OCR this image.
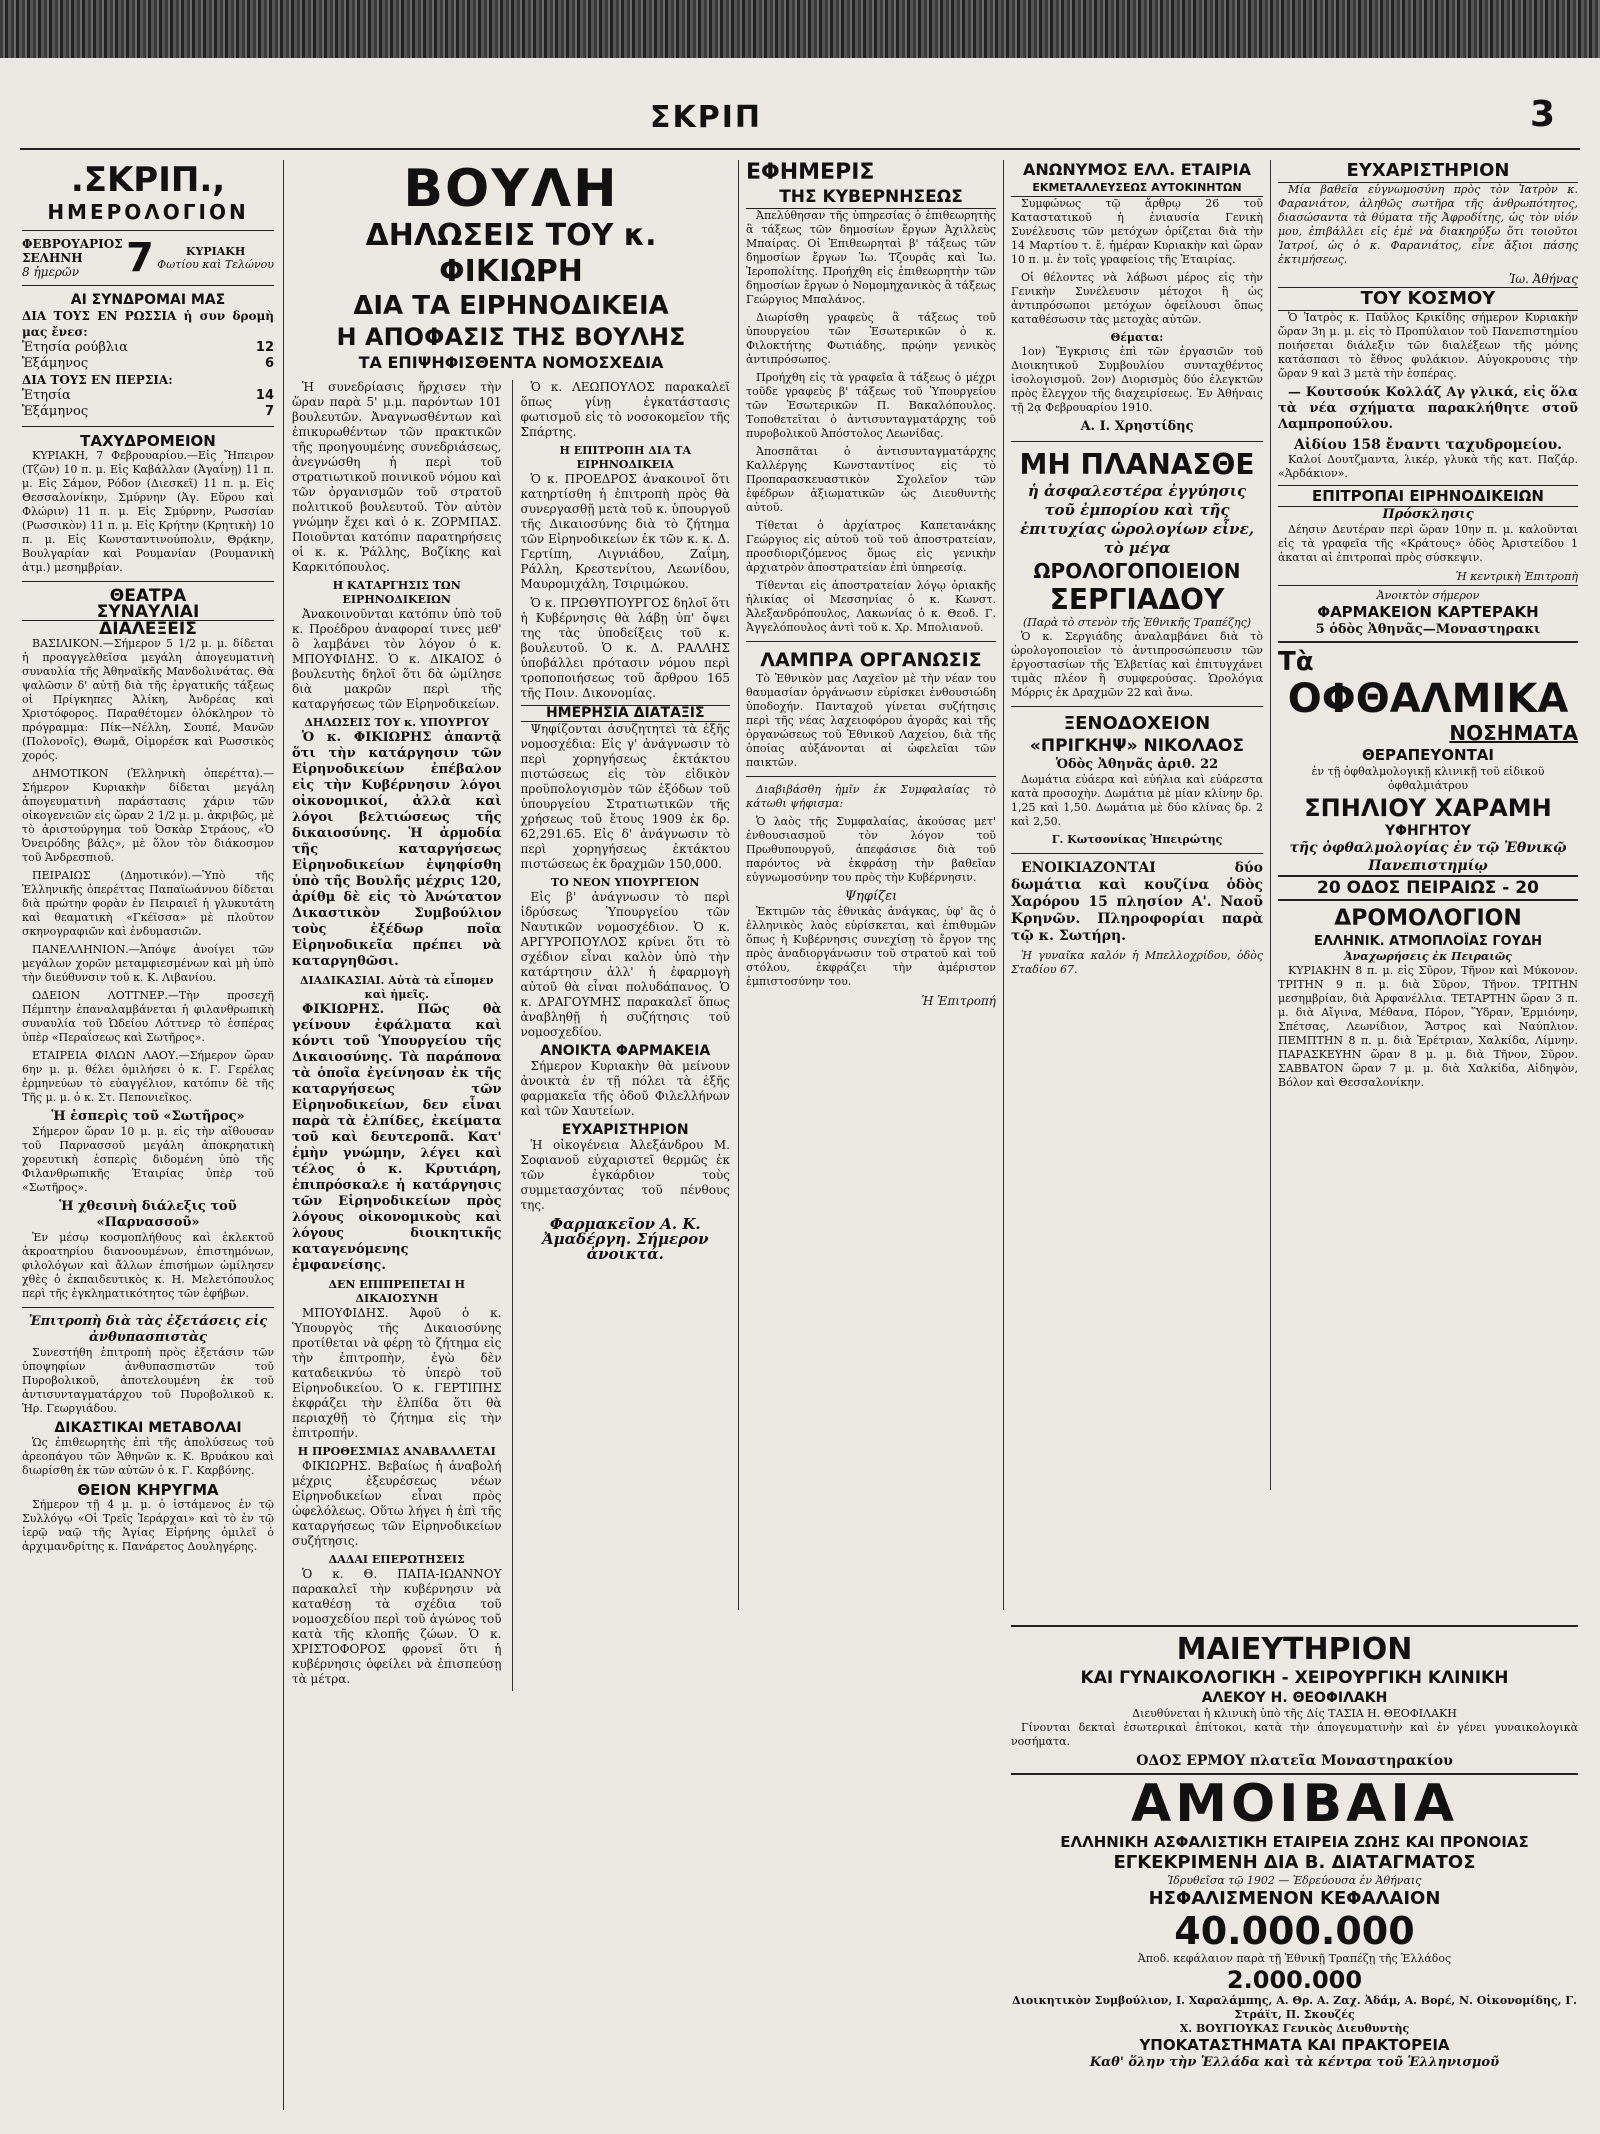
ΣΚΡΙΠ	3
.ΣΚΡΙΠ.,
ΗΜΕΡΟΛΟΓΙΟΝ
ΦΕΒΡΟΥΑΡΙΟΣ
ΣΕΛΗΝΗ
8 ἡμερῶν	7	ΚΥΡΙΑΚΗ
Φωτίου καὶ Τελώνου
ΑΙ ΣΥΝΔΡΟΜΑΙ ΜΑΣ
ΔΙΑ ΤΟΥΣ ΕΝ ΡΩΣΣΙΑ ἡ συν δρομὴ μας ἔνεσ:
Ἐτησία ρούβλια	12
Ἑξάμηνος	6
ΔΙΑ ΤΟΥΣ ΕΝ ΠΕΡΣΙΑ:
Ἐτησία	14
Ἑξάμηνος	7
ΤΑΧΥΔΡΟΜΕΙΟΝ

ΚΥΡΙΑΚΗ, 7 Φεβρουαρίου.—Εἰς Ἤπειρον (Τζῶν) 10 π. μ. Εἰς Καβάλλαν (Ἀγαΐνῃ) 11 π. μ. Εἰς Σάμον, Ρόδον (Διεσκεῖ) 11 π. μ. Εἰς Θεσσαλονίκην, Σμύρνην (Ἀγ. Εὔρου καὶ Φλώριν) 11 π. μ. Εἰς Σμύρνην, Ρωσσίαν (Ρωσσικὸν) 11 π. μ. Εἰς Κρήτην (Κρητικὴ) 10 π. μ. Εἰς Κωνσταντινούπολιν, Θρᾴκην, Βουλγαρίαν καὶ Ρουμανίαν (Ρουμανικὴ ἀτμ.) μεσημβρίαν.

ΘΕΑΤΡΑ
ΣΥΝΑΥΛΙΑΙ
ΔΙΑΛΕΞΕΙΣ

ΒΑΣΙΛΙΚΟΝ.—Σήμερον 5 1/2 μ. μ. δίδεται ἡ προαγγελθεῖσα μεγάλη ἀπογευματινὴ συναυλία τῆς Ἀθηναϊκῆς Μανδολινάτας. Θὰ ψαλῶσιν δ' αὐτῇ διὰ τῆς ἐργατικῆς τάξεως οἱ Πρίγκηπες Ἀλίκη, Ἀνδρέας καὶ Χριστόφορος. Παραθέτομεν ὁλόκληρον τὸ πρόγραμμα: Πίκ—Νέλλη, Σουπέ, Μανῶν (Πολονοῖς), Θωμᾶ, Οἰμορέσκ καὶ Ρωσσικὸς χορός.

ΔΗΜΟΤΙΚΟΝ (Ἑλληνικὴ ὀπερέττα).—Σήμερον Κυριακὴν δίδεται μεγάλη ἀπογευματινὴ παράστασις χάριν τῶν οἰκογενειῶν εἰς ὥραν 2 1/2 μ. μ. ἀκριβῶς, μὲ τὸ ἀριστούργημα τοῦ Ὀσκὰρ Στράους, «Ὁ Ὀνειρόδης βάλς», μὲ ὅλον τὸν διάκοσμον τοῦ Ἀνδρεσπιοῦ.

ΠΕΙΡΑΙΩΣ (Δημοτικόν).—Ὑπὸ τῆς Ἑλληνικῆς ὀπερέττας Παπαϊωάννου δίδεται διὰ πρώτην φορὰν ἐν Πειραιεῖ ἡ γλυκυτάτη καὶ θεαματικὴ «Γκέϊσσα» μὲ πλοῦτον σκηνογραφιῶν καὶ ἐνδυμασιῶν.

ΠΑΝΕΛΛΗΝΙΟΝ.—Ἀπόψε ἀνοίγει τῶν μεγάλων χορῶν μεταμφιεσμένων καὶ μὴ ὑπὸ τὴν διεύθυνσιν τοῦ κ. Κ. Λιβανίου.

ΩΔΕΙΟΝ ΛΟΤΤΝΕΡ.—Τὴν προσεχῆ Πέμπτην ἐπαναλαμβάνεται ἡ φιλανθρωπικὴ συναυλία τοῦ Ὠδείου Λόττνερ τὸ ἑσπέρας ὑπὲρ «Περαΐσεως καὶ Σωτῆρος».

ΕΤΑΙΡΕΙΑ ΦΙΛΩΝ ΛΑΟΥ.—Σήμερον ὥραν 6ην μ. μ. θέλει ὁμιλήσει ὁ κ. Γ. Γερέλας ἐρμηνεύων τὸ εὐαγγέλιον, κατόπιν δὲ τῆς Τῆς μ. μ. ὁ κ. Στ. Πεπονιεῖκος.

Ἡ ἑσπερὶς τοῦ «Σωτῆρος»

Σήμερον ὥραν 10 μ. μ. εἰς τὴν αἴθουσαν τοῦ Παρνασσοῦ μεγάλη ἀποκρηατικὴ χορευτικὴ ἑσπερὶς διδομένη ὑπὸ τῆς Φιλανθρωπικῆς Ἑταιρίας ὑπὲρ τοῦ «Σωτῆρος».

Ἡ χθεσινὴ διάλεξις τοῦ «Παρνασσοῦ»

Ἐν μέσῳ κοσμοπλήθους καὶ ἐκλεκτοῦ ἀκροατηρίου διανοουμένων, ἐπιστημόνων, φιλολόγων καὶ ἄλλων ἐπισήμων ὡμίλησεν χθὲς ὁ ἐκπαιδευτικὸς κ. Η. Μελετόπουλος περὶ τῆς ἐγκληματικότητος τῶν ἐφήβων.

Ἐπιτροπὴ διὰ τὰς ἐξετάσεις εἰς ἀνθυπασπιστὰς

Συνεστήθη ἐπιτροπὴ πρὸς ἐξετάσιν τῶν ὑποψηφίων ἀνθυπασπιστῶν τοῦ Πυροβολικοῦ, ἀποτελουμένη ἐκ τοῦ ἀντισυνταγματάρχου τοῦ Πυροβολικοῦ κ. Ἡρ. Γεωργιάδου.

ΔΙΚΑΣΤΙΚΑΙ ΜΕΤΑΒΟΛΑΙ

Ὡς ἐπιθεωρητὴς ἐπὶ τῆς ἀπολύσεως τοῦ ἀρεοπάγου τῶν Ἀθηνῶν κ. Κ. Βρυάκου καὶ διωρίσθη ἐκ τῶν αὐτῶν ὁ κ. Γ. Καρβόνης.

ΘΕΙΟΝ ΚΗΡΥΓΜΑ

Σήμερον τῇ 4 μ. μ. ὁ ἱστάμενος ἐν τῷ Συλλόγῳ «Οἱ Τρεῖς Ἱεράρχαι» καὶ τὸ ἐν τῷ ἱερῷ ναῷ τῆς Ἁγίας Εἰρήνης ὁμιλεῖ ὁ ἀρχιμανδρίτης κ. Πανάρετος Δουληγέρης.

ΒΟΥΛΗ
ΔΗΛΩΣΕΙΣ ΤΟΥ κ. ΦΙΚΙΩΡΗ
ΔΙΑ ΤΑ ΕΙΡΗΝΟΔΙΚΕΙΑ
Η ΑΠΟΦΑΣΙΣ ΤΗΣ ΒΟΥΛΗΣ
ΤΑ ΕΠΙΨΗΦΙΣΘΕΝΤΑ ΝΟΜΟΣΧΕΔΙΑ

Ἡ συνεδρίασις ἤρχισεν τὴν ὥραν παρὰ 5' μ.μ. παρόντων 101 βουλευτῶν. Ἀναγνωσθέντων καὶ ἐπικυρωθέντων τῶν πρακτικῶν τῆς προηγουμένης συνεδριάσεως, ἀνεγνώσθη ἡ περὶ τοῦ στρατιωτικοῦ ποινικοῦ νόμου καὶ τῶν ὀργανισμῶν τοῦ στρατοῦ πολιτικοῦ βουλευτοῦ. Τὸν αὐτὸν γνώμην ἔχει καὶ ὁ κ. ΖΟΡΜΠΑΣ. Ποιοῦνται κατόπιν παρατηρήσεις οἱ κ. κ. Ῥάλλης, Βοζίκης καὶ Καρκιτόπουλος.

Η ΚΑΤΑΡΓΗΣΙΣ ΤΩΝ ΕΙΡΗΝΟΔΙΚΕΙΩΝ

Ἀνακοινοῦνται κατόπιν ὑπὸ τοῦ κ. Προέδρου ἀναφοραί τινες μεθ' ὃ λαμβάνει τὸν λόγον ὁ κ. ΜΠΟΥΦΙΔΗΣ. Ὁ κ. ΔΙΚΑΙΟΣ ὁ βουλευτὴς δηλοῖ ὅτι δὰ ὡμίλησε διὰ μακρῶν περὶ τῆς καταργήσεως τῶν Εἰρηνοδικείων.

ΔΗΛΩΣΕΙΣ ΤΟΥ κ. ΥΠΟΥΡΓΟΥ

Ὁ κ. ΦΙΚΙΩΡΗΣ ἀπαντᾷ ὅτι τὴν κατάργησιν τῶν Εἰρηνοδικείων ἐπέβαλον εἰς τὴν Κυβέρνησιν λόγοι οἰκονομικοί, ἀλλὰ καὶ λόγοι βελτιώσεως τῆς δικαιοσύνης. Ἡ ἀρμοδία τῆς καταργήσεως Εἰρηνοδικείων ἐψηφίσθη ὑπὸ τῆς Βουλῆς μέχρις 120, ἀρίθμ δὲ εἰς τὸ Ἀνώτατον Δικαστικὸν Συμβούλιον τοὺς ἐξέδωρ ποῖα Εἰρηνοδικεῖα πρέπει νὰ καταργηθῶσι.

ΔΙΑΔΙΚΑΣΙΑΙ. Αὐτὰ τὰ εἶπομεν καὶ ἡμεῖς.

ΦΙΚΙΩΡΗΣ. Πῶς θὰ γείνουν ἐφάλματα καὶ κόντι τοῦ Ὑπουργείου τῆς Δικαιοσύνης. Τὰ παράπονα τὰ ὁποῖα ἐγείνησαν ἐκ τῆς καταργήσεως τῶν Εἰρηνοδικείων, δεν εἶναι παρὰ τὰ ἐλπίδες, ἐκείματα τοῦ καὶ δευτεροπᾶ. Κατ' ἐμὴν γνώμην, λέγει καὶ τέλος ὁ κ. Κρυτιάρη, ἐπιπρόσκαλε ἡ κατάργησις τῶν Εἰρηνοδικείων πρὸς λόγους οἰκονομικοὺς καὶ λόγους διοικητικῆς καταγενόμενης ἐμφανείσης.

ΔΕΝ ΕΠΙΠΡΕΠΕΤΑΙ Η ΔΙΚΑΙΟΣΥΝΗ

ΜΠΟΥΦΙΔΗΣ. Ἀφοῦ ὁ κ. Ὑπουργὸς τῆς Δικαιοσύνης προτίθεται νὰ φέρῃ τὸ ζήτημα εἰς τὴν ἐπιτροπὴν, ἐγὼ δὲν καταδεικνύω τὸ ὑπερὸ τοῦ Εἰρηνοδικείου. Ὁ κ. ΓΕΡΤΙΠΗΣ ἐκφράζει τὴν ἐλπίδα ὅτι θὰ περιαχθῇ τὸ ζήτημα εἰς τὴν ἐπιτροπήν.

Η ΠΡΟΘΕΣΜΙΑΣ ΑΝΑΒΑΛΛΕΤΑΙ

ΦΙΚΙΩΡΗΣ. Βεβαίως ἡ ἀναβολή μέχρις ἐξευρέσεως νέων Εἰρηνοδικείων εἶναι πρὸς ὠφελόλεως. Οὕτω λήγει ἡ ἐπὶ τῆς καταργήσεως τῶν Εἰρηνοδικείων συζήτησις.

ΔΑΔΑΙ ΕΠΕΡΩΤΗΣΕΙΣ

Ὁ κ. Θ. ΠΑΠΑ-ΙΩΑΝΝΟΥ παρακαλεῖ τὴν κυβέρνησιν νὰ καταθέσῃ τὰ σχέδια τοῦ νομοσχεδίου περὶ τοῦ ἀγώνος τοῦ κατὰ τῆς κλοπῆς ζώων. Ὁ κ. ΧΡΙΣΤΟΦΟΡΟΣ φρονεῖ ὅτι ἡ κυβέρνησις ὁφείλει νὰ ἐπισπεύσῃ τὰ μέτρα.

Ὁ κ. ΛΕΩΠΟΥΛΟΣ παρακαλεῖ ὅπως γίνῃ ἐγκατάστασις φωτισμοῦ εἰς τὸ νοσοκομεῖον τῆς Σπάρτης.

Η ΕΠΙΤΡΟΠΗ ΔΙΑ ΤΑ ΕΙΡΗΝΟΔΙΚΕΙΑ

Ὁ κ. ΠΡΟΕΔΡΟΣ ἀνακοινοῖ ὅτι κατηρτίσθη ἡ ἐπιτροπὴ πρὸς θὰ συνεργασθῇ μετὰ τοῦ κ. ὑπουργοῦ τῆς Δικαιοσύνης διὰ τὸ ζήτημα τῶν Εἰρηνοδικείων ἐκ τῶν κ. κ. Δ. Γερτίπη, Λιγνιάδου, Ζαΐμη, Ράλλη, Κρεστενίτου, Λεωνίδου, Μαυρομιχάλη, Τσιριμώκου.

Ὁ κ. ΠΡΩΘΥΠΟΥΡΓΟΣ δηλοῖ ὅτι ἡ Κυβέρνησις θὰ λάβῃ ὑπ' ὄψει της τὰς ὑποδείξεις τοῦ κ. βουλευτοῦ. Ὁ κ. Δ. ΡΑΛΛΗΣ ὑποβάλλει πρότασιν νόμου περὶ τροποποιήσεως τοῦ ἄρθρου 165 τῆς Ποιν. Δικονομίας.

ΗΜΕΡΗΣΙΑ ΔΙΑΤΑΞΙΣ

Ψηφίζονται ἀσυζητητεὶ τὰ ἑξῆς νομοσχέδια: Εἰς γ' ἀνάγνωσιν τὸ περὶ χορηγήσεως ἐκτάκτου πιστώσεως εἰς τὸν εἰδικὸν προϋπολογισμὸν τῶν ἐξόδων τοῦ ὑπουργείου Στρατιωτικῶν τῆς χρήσεως τοῦ ἔτους 1909 ἐκ δρ. 62,291.65. Εἰς δ' ἀνάγνωσιν τὸ περὶ χορηγήσεως ἐκτάκτου πιστώσεως ἐκ δραχμῶν 150,000.

ΤΟ ΝΕΟΝ ΥΠΟΥΡΓΕΙΟΝ

Εἰς β' ἀνάγνωσιν τὸ περὶ ἱδρύσεως Ὑπουργείου τῶν Ναυτικῶν νομοσχέδιον. Ὁ κ. ΑΡΓΥΡΟΠΟΥΛΟΣ κρίνει ὅτι τὸ σχέδιον εἶναι καλὸν ὑπὸ τὴν κατάρτησιν ἀλλ' ἡ ἐφαρμογὴ αὐτοῦ θὰ εἶναι πολυδάπανος. Ὁ κ. ΔΡΑΓΟΥΜΗΣ παρακαλεῖ ὅπως ἀναβληθῇ ἡ συζήτησις τοῦ νομοσχεδίου.

ΑΝΟΙΚΤΑ ΦΑΡΜΑΚΕΙΑ

Σήμερον Κυριακὴν θὰ μείνουν ἀνοικτὰ ἐν τῇ πόλει τὰ ἑξῆς φαρμακεῖα τῆς ὁδοῦ Φιλελλήνων καὶ τῶν Χαυτείων.

ΕΥΧΑΡΙΣΤΗΡΙΟΝ

Ἡ οἰκογένεια Ἀλεξάνδρου Μ. Σοφιανοῦ εὐχαριστεῖ θερμῶς ἐκ τῶν ἐγκάρδιον τοὺς συμμετασχόντας τοῦ πένθους της.

Φαρμακεῖον Α. Κ. Ἀμαδέργη. Σήμερον ἀνοικτά.
ΕΦΗΜΕΡΙΣ
ΤΗΣ ΚΥΒΕΡΝΗΣΕΩΣ

Ἀπελύθησαν τῆς ὑπηρεσίας ὁ ἐπιθεωρητὴς ἃ τάξεως τῶν δημοσίων ἔργων Ἀχιλλεὺς Μπαίρας. Οἱ Ἐπιθεωρηταὶ β' τάξεως τῶν δημοσίων ἔργων Ἰω. Τζουρᾶς καὶ Ἰω. Ἰεροπολίτης. Προήχθη εἰς ἐπιθεωρητὴν τῶν δημοσίων ἔργων ὁ Νομομηχανικὸς ἃ τάξεως Γεώργιος Μπαλάνος.

Διωρίσθη γραφεὺς ἃ τάξεως τοῦ ὑπουργείου τῶν Ἐσωτερικῶν ὁ κ. Φιλοκτήτης Φωτιάδης, πρῴην γενικὸς ἀντιπρόσωπος.

Προήχθη εἰς τὰ γραφεῖα ἃ τάξεως ὁ μέχρι τοῦδε γραφεὺς β' τάξεως τοῦ Ὑπουργείου τῶν Ἐσωτερικῶν Π. Βακαλόπουλος. Τοποθετεῖται ὁ ἀντισυνταγματάρχης τοῦ πυροβολικοῦ Ἀπόστολος Λεωνίδας.

Ἀποσπᾶται ὁ ἀντισυνταγματάρχης Καλλέργης Κωνσταντίνος εἰς τὸ Προπαρασκευαστικὸν Σχολεῖον τῶν ἐφέδρων ἀξιωματικῶν ὡς Διευθυντὴς αὐτοῦ.

Τίθεται ὁ ἀρχίατρος Καπετανάκης Γεώργιος εἰς αὐτοῦ τοῦ τοῦ ἀποστρατείαν, προσδιοριζόμενος ὅμως εἰς γενικὴν ἀρχιατρὸν ἀποστρατείαν ἐπὶ ὑπηρεσίᾳ.

Τίθενται εἰς ἀποστρατείαν λόγῳ ὀριακῆς ἡλικίας οἱ Μεσσηνίας ὁ κ. Κωνστ. Ἀλεξανδρόπουλος, Λακωνίας ὁ κ. Θεοδ. Γ. Ἀγγελόπουλος ἀντὶ τοῦ κ. Χρ. Μπολιανοῦ.

ΛΑΜΠΡΑ ΟΡΓΑΝΩΣΙΣ

Τὸ Ἐθνικὸν μας Λαχεῖον μὲ τὴν νέαν του θαυμασίαν ὀργάνωσιν εὑρίσκει ἐνθουσιώδη ὑποδοχήν. Πανταχοῦ γίνεται συζήτησις περὶ τῆς νέας λαχειοφόρου ἀγορᾶς καὶ τῆς ὀργανώσεως τοῦ Ἐθνικοῦ Λαχείου, διὰ τῆς ὁποίας αὐξάνονται αἱ ὠφελεῖαι τῶν παικτῶν.

Διαβιβάσθη ἡμῖν ἐκ Συμφαλαίας τὸ κάτωθι ψήφισμα:

Ὁ λαὸς τῆς Συμφαλαίας, ἀκούσας μετ' ἐνθουσιασμοῦ τὸν λόγον τοῦ Πρωθυπουργοῦ, ἀπεφάσισε διὰ τοῦ παρόντος νὰ ἐκφράσῃ τὴν βαθεῖαν εὐγνωμοσύνην του πρὸς τὴν Κυβέρνησιν.

Ψηφίζει

Ἐκτιμῶν τὰς ἐθνικὰς ἀνάγκας, ὑφ' ἃς ὁ ἑλληνικὸς λαὸς εὑρίσκεται, καὶ ἐπιθυμῶν ὅπως ἡ Κυβέρνησις συνεχίσῃ τὸ ἔργον της πρὸς ἀναδιοργάνωσιν τοῦ στρατοῦ καὶ τοῦ στόλου, ἐκφράζει τὴν ἀμέριστον ἐμπιστοσύνην του.

Ἡ Ἐπιτροπή
ΑΝΩΝΥΜΟΣ ΕΛΛ. ΕΤΑΙΡΙΑ
ΕΚΜΕΤΑΛΛΕΥΣΕΩΣ ΑΥΤΟΚΙΝΗΤΩΝ

Συμφώνως τῷ ἄρθρῳ 26 τοῦ Καταστατικοῦ ἡ ἐνιαυσία Γενικὴ Συνέλευσις τῶν μετόχων ὁρίζεται διὰ τὴν 14 Μαρτίου τ. ἔ. ἡμέραν Κυριακὴν καὶ ὥραν 10 π. μ. ἐν τοῖς γραφείοις τῆς Ἑταιρίας.

Οἱ θέλοντες νὰ λάβωσι μέρος εἰς τὴν Γενικὴν Συνέλευσιν μέτοχοι ἢ ὡς ἀντιπρόσωποι μετόχων ὀφείλουσι ὅπως καταθέσωσιν τὰς μετοχὰς αὐτῶν.

Θέματα:

1ον) Ἔγκρισις ἐπὶ τῶν ἐργασιῶν τοῦ Διοικητικοῦ Συμβουλίου συνταχθέντος ἰσολογισμοῦ. 2ον) Διορισμὸς δύο ἐλεγκτῶν πρὸς ἔλεγχον τῆς διαχειρίσεως. Ἐν Ἀθήναις τῇ 2ᾳ Φεβρουαρίου 1910.

Α. Ι. Χρηστίδης
ΜΗ ΠΛΑΝΑΣΘΕ
ἡ ἀσφαλεστέρα ἐγγύησις τοῦ ἐμπορίου καὶ τῆς ἐπιτυχίας ὡρολογίων εἶνε, τὸ μέγα
ΩΡΟΛΟΓΟΠΟΙΕΙΟΝ
ΣΕΡΓΙΑΔΟΥ
(Παρὰ τὸ στενὸν τῆς Ἐθνικῆς Τραπέζης)

Ὁ κ. Σεργιάδης ἀναλαμβάνει διὰ τὸ ὡρολογοποιεῖον τὸ ἀντιπροσώπευσιν τῶν ἐργοστασίων τῆς Ἐλβετίας καὶ ἐπιτυγχάνει τιμὰς πλέον ἢ συμφερούσας. Ὡρολόγια Μόρρις ἐκ Δραχμῶν 22 καὶ ἄνω.

ΞΕΝΟΔΟΧΕΙΟΝ
«ΠΡΙΓΚΗΨ» ΝΙΚΟΛΑΟΣ
Ὁδὸς Ἀθηνᾶς ἀριθ. 22

Δωμάτια εὐάερα καὶ εὐήλια καὶ εὐάρεστα κατὰ προσοχὴν. Δωμάτια μὲ μίαν κλίνην δρ. 1,25 καὶ 1,50. Δωμάτια μὲ δύο κλίνας δρ. 2 καὶ 2,50.

Γ. Κωτσονίκας Ἠπειρώτης

ΕΝΟΙΚΙΑΖΟΝΤΑΙ δύο δωμάτια καὶ κουζίνα ὁδὸς Χαρόρου 15 πλησίον Α'. Ναοῦ Κρηνῶν. Πληροφορίαι παρὰ τῷ κ. Σωτήρη.

Ἡ γυναῖκα καλόν ἡ Μπελλοχρίδου, ὁδὸς Σταδίου 67.

ΕΥΧΑΡΙΣΤΗΡΙΟΝ

Μία βαθεῖα εὐγνωμοσύνη πρὸς τὸν Ἰατρὸν κ. Φαρανιάτον, ἀληθῶς σωτῆρα τῆς ἀνθρωπότητος, διασώσαντα τὰ θύματα τῆς Ἀφροδίτης, ὡς τὸν υἱόν μου, ἐπιβάλλει εἰς ἐμὲ νὰ διακηρύξω ὅτι τοιοῦτοι Ἰατροί, ὡς ὁ κ. Φαρανιάτος, εἶνε ἄξιοι πάσης ἐκτιμήσεως.

Ἰω. Ἀθήνας
ΤΟΥ ΚΟΣΜΟΥ

Ὁ Ἰατρὸς κ. Παῦλος Κρικίδης σήμερον Κυριακὴν ὥραν 3η μ. μ. εἰς τὸ Προπύλαιον τοῦ Πανεπιστημίου ποιήσεται διάλεξιν τῶν διαλέξεων τῆς μόνης κατάσπασι τὸ ἔθνος φυλάκιον. Αὐγοκρουσις τὴν ὥραν 9 καὶ 3 μετὰ τὴν ἑσπέρας.

— Κουτσούκ Κολλάζ Αγ γλικά, εἰς ὅλα τὰ νέα σχήματα παρακλήθητε στοῦ Λαμπροπούλου.

Αἰδίου 158 ἔναντι ταχυδρομείου.

Καλοί Δουτζμαντα, λικέρ, γλυκὰ τῆς κατ. Παζάρ. «Ἀρδάκιον».

ΕΠΙΤΡΟΠΑΙ ΕΙΡΗΝΟΔΙΚΕΙΩΝ
Πρόσκλησις

Δέησιν Δευτέραν περὶ ὥραν 10ην π. μ. καλοῦνται εἰς τὰ γραφεῖα τῆς «Κράτους» ὁδὸς Ἀριστείδου 1 ἀκαται αἱ ἐπιτροπαὶ πρὸς σύσκεψιν.

Ἡ κεντρικὴ Ἐπιτροπὴ
Ἀνοικτὸν σήμερον
ΦΑΡΜΑΚΕΙΟΝ ΚΑΡΤΕΡΑΚΗ
5 ὁδὸς Ἀθηνᾶς—Μοναστηρακι
Τὰ
ΟΦΘΑΛΜΙΚΑ
ΝΟΣΗΜΑΤΑ
ΘΕΡΑΠΕΥΟΝΤΑΙ
ἐν τῇ ὀφθαλμολογικῇ κλινικῇ τοῦ εἰδικοῦ ὀφθαλμιάτρου
ΣΠΗΛΙΟΥ ΧΑΡΑΜΗ
ΥΦΗΓΗΤΟΥ
τῆς ὀφθαλμολογίας ἐν τῷ Ἐθνικῷ Πανεπιστημίῳ
20 ΟΔΟΣ ΠΕΙΡΑΙΩΣ - 20
ΔΡΟΜΟΛΟΓΙΟΝ
ΕΛΛΗΝΙΚ. ΑΤΜΟΠΛΟΪΑΣ ΓΟΥΔΗ
Ἀναχωρήσεις ἐκ Πειραιῶς

ΚΥΡΙΑΚΗΝ 8 π. μ. εἰς Σῦρον, Τῆνον καὶ Μύκονον. ΤΡΙΤΗΝ 9 π. μ. διὰ Σῦρον, Τῆνον. ΤΡΙΤΗΝ μεσημβρίαν, διὰ Ἀρφανέλλια. ΤΕΤΑΡΤΗΝ ὥραν 3 π. μ. διὰ Αἴγινα, Μέθανα, Πόρον, Ὕδραν, Ἑρμιόνην, Σπέτσας, Λεωνίδιον, Ἄστρος καὶ Ναύπλιον. ΠΕΜΠΤΗΝ 8 π. μ. διὰ Ἐρέτριαν, Χαλκίδα, Λίμνην. ΠΑΡΑΣΚΕΥΗΝ ὥραν 8 μ. μ. διὰ Τῆνον, Σῦρον. ΣΑΒΒΑΤΟΝ ὥραν 7 μ. μ. διὰ Χαλκίδα, Αἰδηψὸν, Βόλον καὶ Θεσσαλονίκην.

ΜΑΙΕΥΤΗΡΙΟΝ
ΚΑΙ ΓΥΝΑΙΚΟΛΟΓΙΚΗ - ΧΕΙΡΟΥΡΓΙΚΗ ΚΛΙΝΙΚΗ
ΑΛΕΚΟΥ Η. ΘΕΟΦΙΛΑΚΗ
Διευθύνεται ἡ κλινικὴ ὑπὸ τῆς Δίς ΤΑΣΙΑ Η. ΘΕΟΦΙΛΑΚΗ

Γίνονται δεκταὶ ἐσωτερικαὶ ἐπίτοκοι, κατὰ τὴν ἀπογευματινὴν καὶ ἐν γένει γυναικολογικὰ νοσήματα.

ΟΔΟΣ ΕΡΜΟΥ πλατεῖα Μοναστηρακίου
ΑΜΟΙΒΑΙΑ
ΕΛΛΗΝΙΚΗ ΑΣΦΑΛΙΣΤΙΚΗ ΕΤΑΙΡΕΙΑ ΖΩΗΣ ΚΑΙ ΠΡΟΝΟΙΑΣ
ΕΓΚΕΚΡΙΜΕΝΗ ΔΙΑ Β. ΔΙΑΤΑΓΜΑΤΟΣ
Ἱδρυθεῖσα τῷ 1902 — Ἑδρεύουσα ἐν Ἀθήναις
ΗΣΦΑΛΙΣΜΕΝΟΝ ΚΕΦΑΛΑΙΟΝ
40.000.000
Ἀποδ. κεφάλαιον παρὰ τῇ Ἐθνικῇ Τραπέζῃ τῆς Ἑλλάδος
2.000.000
Διοικητικὸν Συμβούλιον, Ι. Χαραλάμπης, Α. Θρ. Α. Ζαχ. Ἀδάμ, Α. Βορέ, Ν. Οἰκονομίδης, Γ. Στράϊτ, Π. Σκουζές
Χ. ΒΟΥΓΙΟΥΚΑΣ Γενικὸς Διευθυντὴς
ΥΠΟΚΑΤΑΣΤΗΜΑΤΑ ΚΑΙ ΠΡΑΚΤΟΡΕΙΑ
Καθ' ὅλην τὴν Ἑλλάδα καὶ τὰ κέντρα τοῦ Ἑλληνισμοῦ
